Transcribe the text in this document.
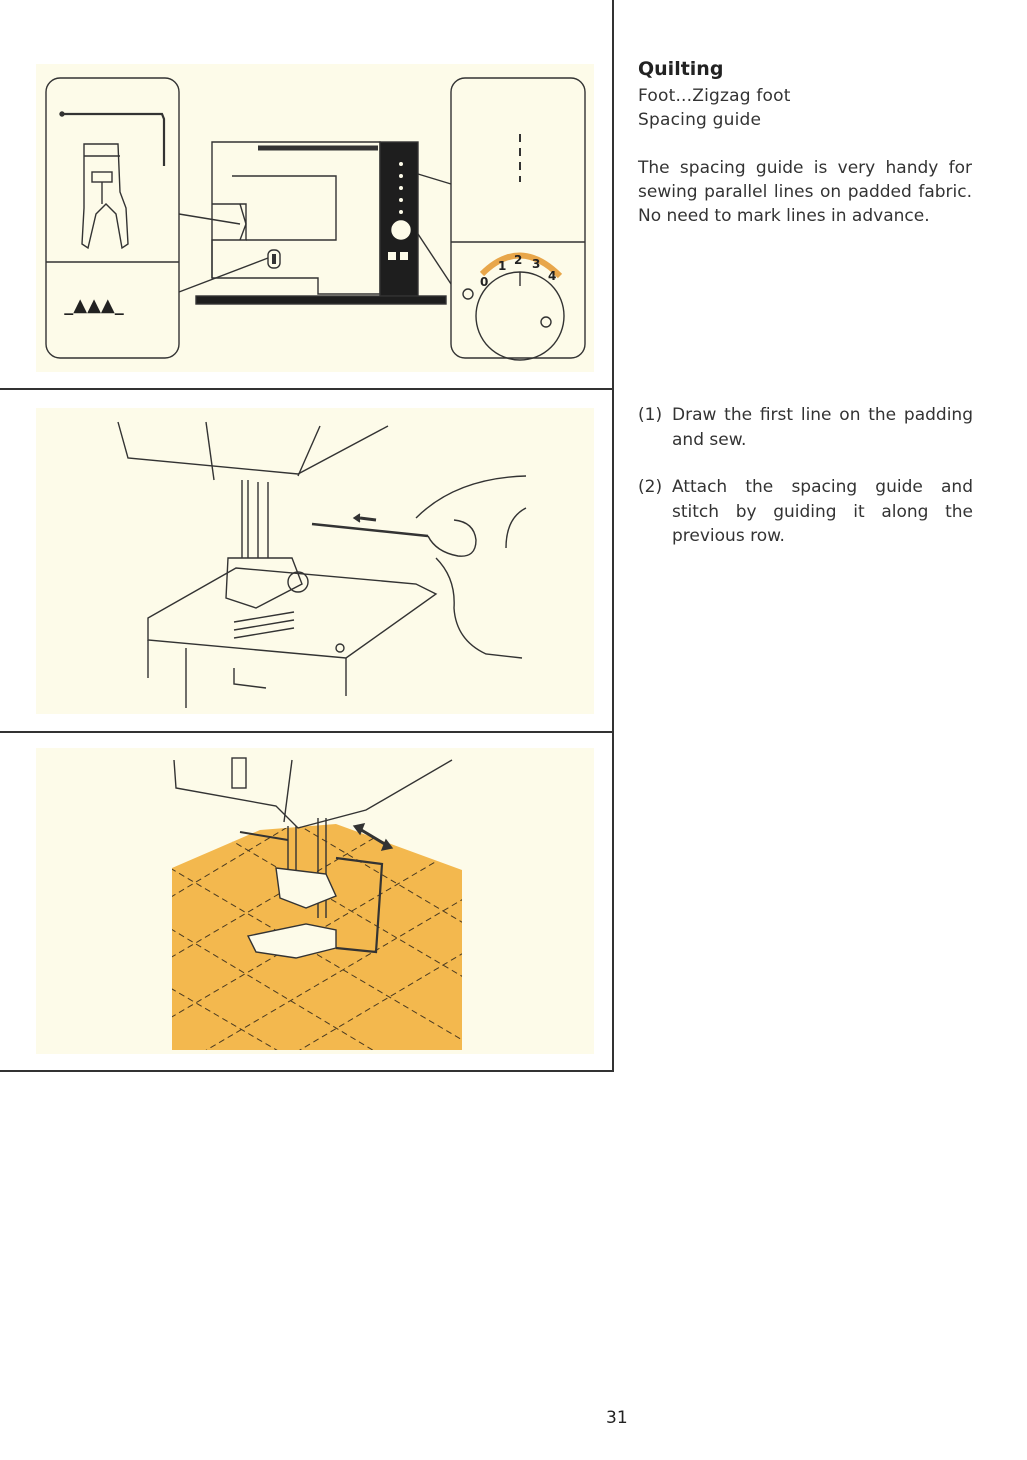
_▲▲▲_
0
1 2 3
4
Quilting
Foot...Zigzag foot
Spacing guide
The spacing guide is very handy for sewing parallel lines on padded fabric. No need to mark lines in advance.
(1) Draw the first line on the padding and sew.
(2) Attach the spacing guide and stitch by guiding it along the previous row.
31
